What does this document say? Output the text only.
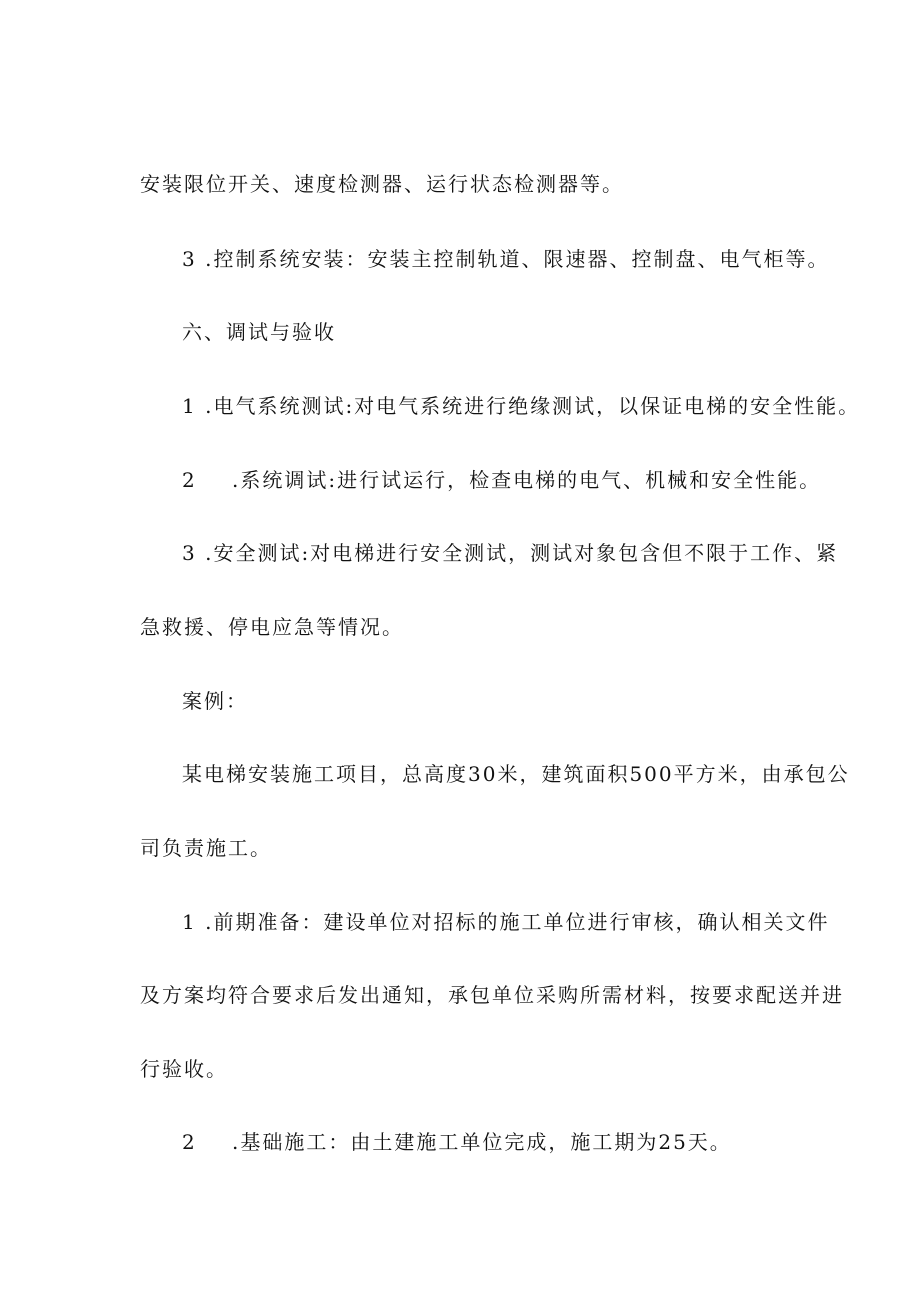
安装限位开关、速度检测器、运行状态检测器等。
3 .控制系统安装：安装主控制轨道、限速器、控制盘、电气柜等。
六、调试与验收
1 .电气系统测试:对电气系统进行绝缘测试，以保证电梯的安全性能。
2 .系统调试:进行试运行，检查电梯的电气、机械和安全性能。
3 .安全测试:对电梯进行安全测试，测试对象包含但不限于工作、紧
急救援、停电应急等情况。
案例：
某电梯安装施工项目，总高度30米，建筑面积500平方米，由承包公
司负责施工。
1 .前期准备：建设单位对招标的施工单位进行审核，确认相关文件
及方案均符合要求后发出通知，承包单位采购所需材料，按要求配送并进
行验收。
2 .基础施工：由土建施工单位完成，施工期为25天。
